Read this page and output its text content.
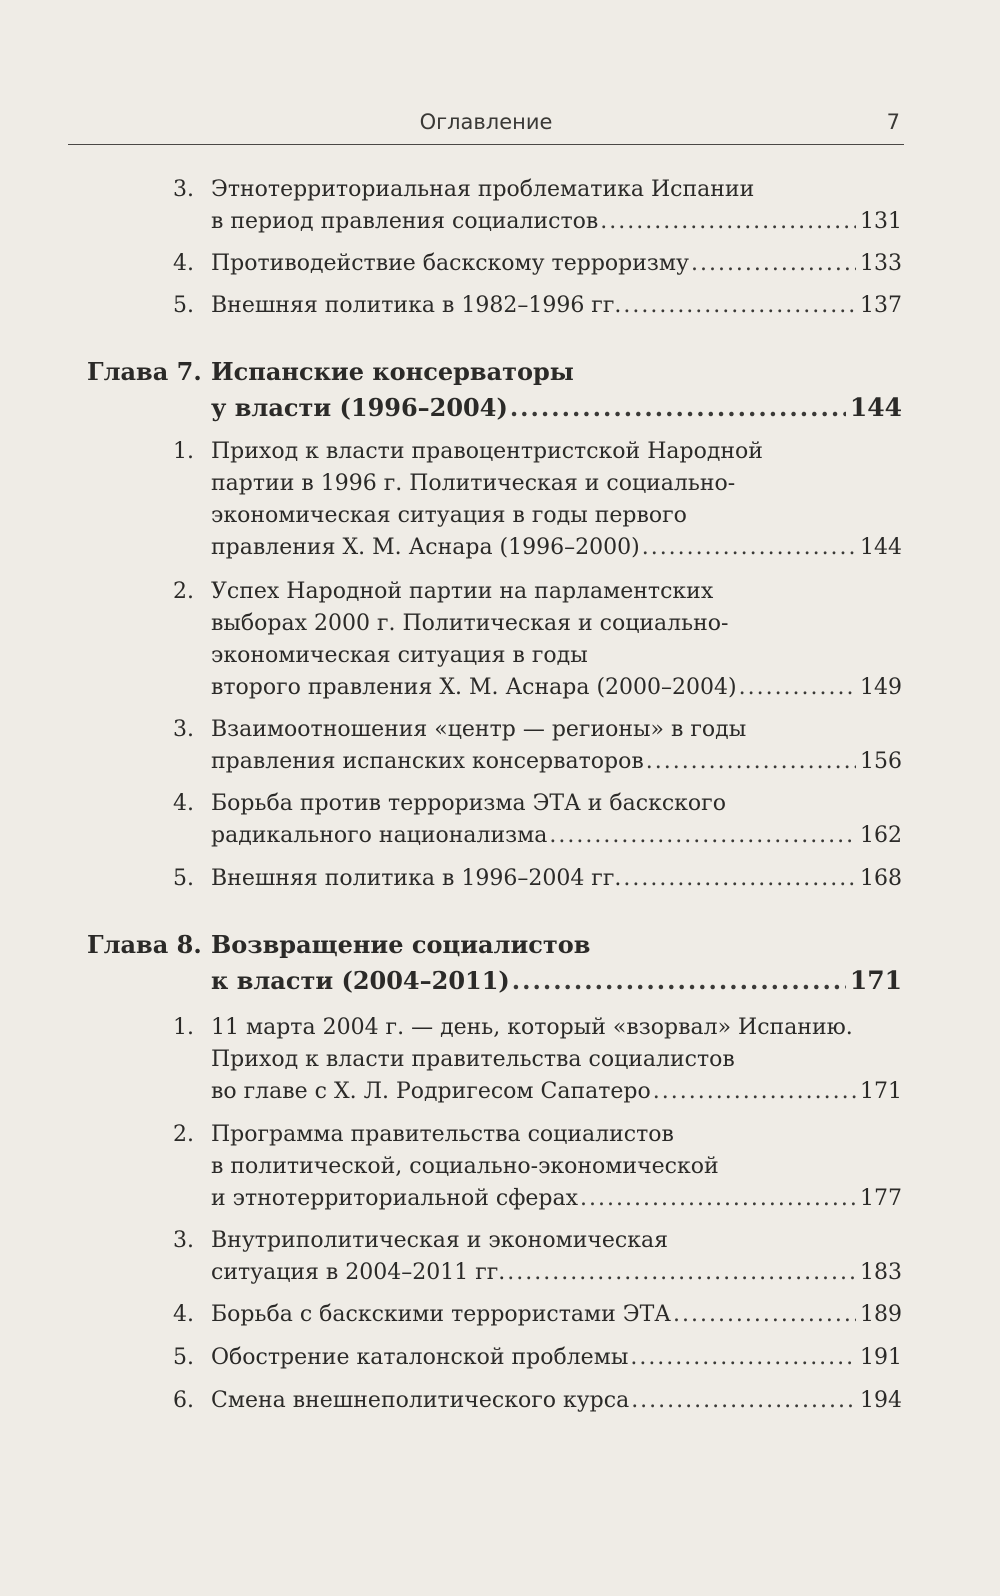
Оглавление	7
3. Этнотерриториальная проблематика Испании
в период правления социалистов .....	131
4. Противодействие баскскому терроризму .....	133
5. Внешняя политика в 1982–1996 гг. .....	137
Глава 7. Испанские консерваторы
у власти (1996–2004) .....	144
1. Приход к власти правоцентристской Народной
партии в 1996 г. Политическая и социально-
экономическая ситуация в годы первого
правления Х. М. Аснара (1996–2000) .....	144
2. Успех Народной партии на парламентских
выборах 2000 г. Политическая и социально-
экономическая ситуация в годы
второго правления Х. М. Аснара (2000–2004) .....	149
3. Взаимоотношения «центр — регионы» в годы
правления испанских консерваторов .....	156
4. Борьба против терроризма ЭТА и баскского
радикального национализма .....	162
5. Внешняя политика в 1996–2004 гг. .....	168
Глава 8. Возвращение социалистов
к власти (2004–2011) .....	171
1. 11 марта 2004 г. — день, который «взорвал» Испанию.
Приход к власти правительства социалистов
во главе с Х. Л. Родригесом Сапатеро .....	171
2. Программа правительства социалистов
в политической, социально-экономической
и этнотерриториальной сферах .....	177
3. Внутриполитическая и экономическая
ситуация в 2004–2011 гг. .....	183
4. Борьба с баскскими террористами ЭТА .....	189
5. Обострение каталонской проблемы .....	191
6. Смена внешнеполитического курса .....	194
